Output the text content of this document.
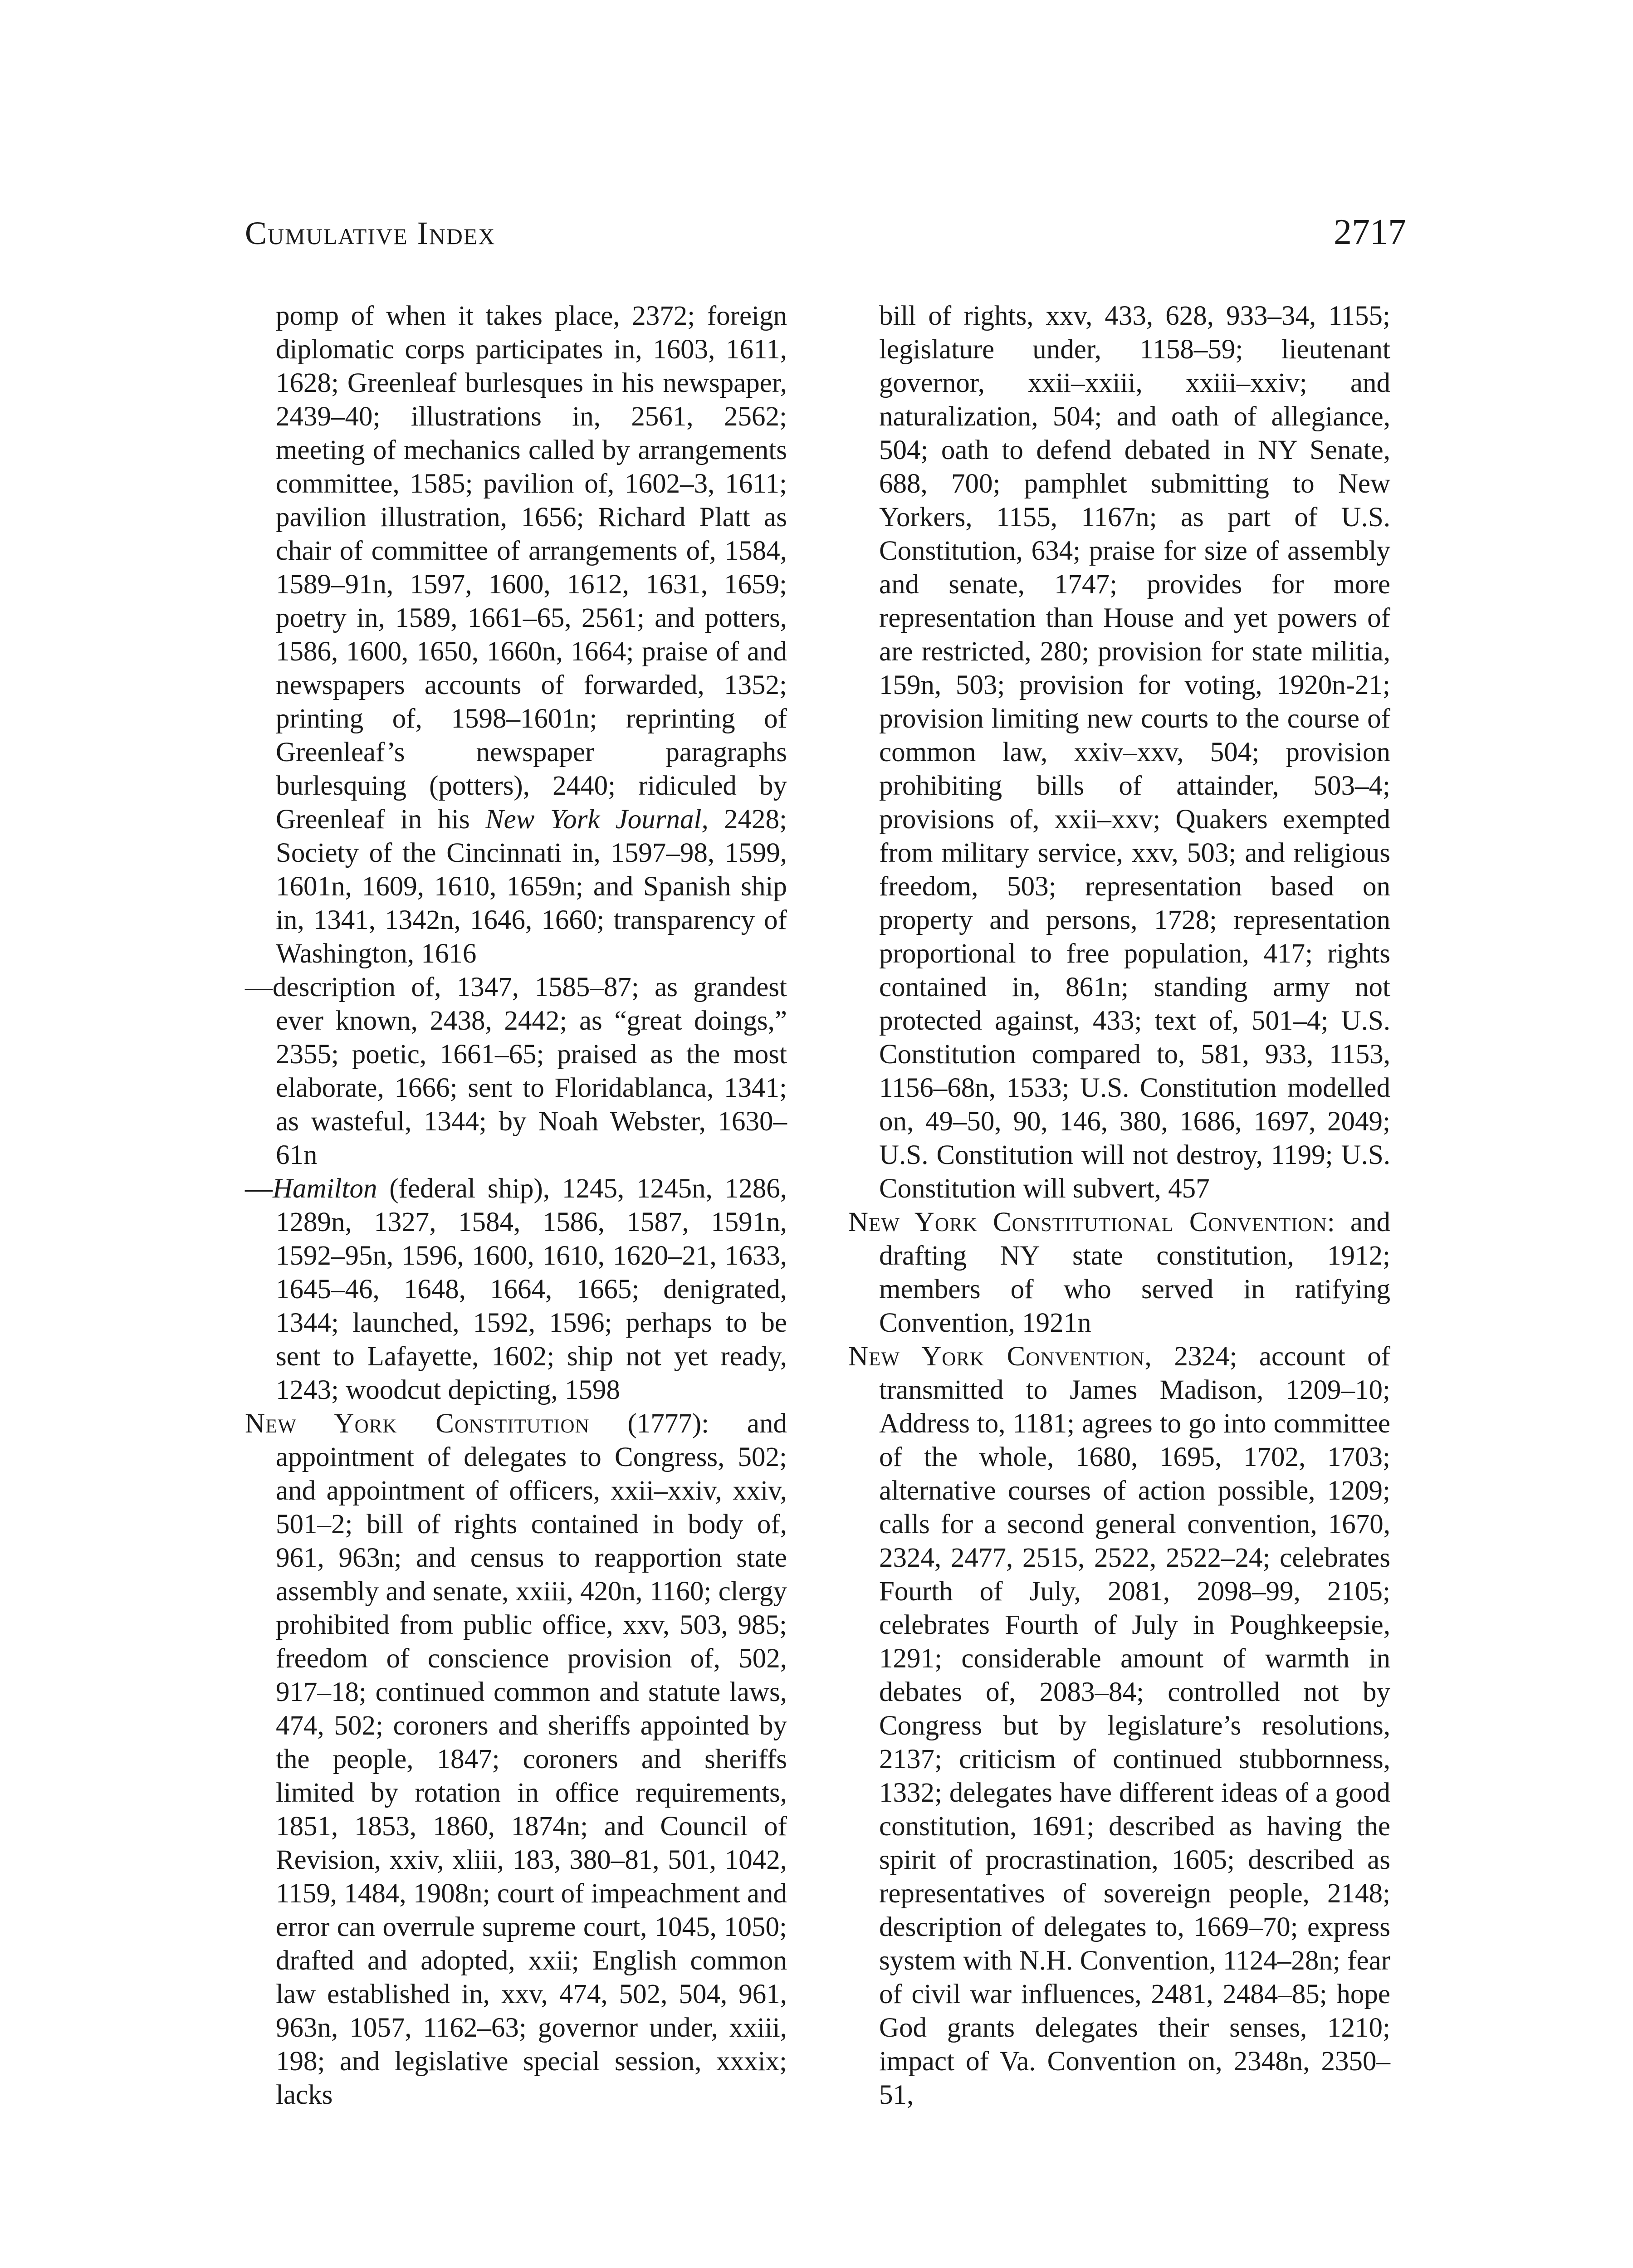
Cumulative Index	2717

pomp of when it takes place, 2372; foreign diplomatic corps participates in, 1603, 1611, 1628; Greenleaf burlesques in his newspaper, 2439–40; illustrations in, 2561, 2562; meeting of mechanics called by arrangements committee, 1585; pavilion of, 1602–3, 1611; pavilion illustration, 1656; Richard Platt as chair of committee of arrangements of, 1584, 1589–91n, 1597, 1600, 1612, 1631, 1659; poetry in, 1589, 1661–65, 2561; and potters, 1586, 1600, 1650, 1660n, 1664; praise of and newspapers accounts of forwarded, 1352; printing of, 1598–1601n; reprinting of Greenleaf’s newspaper paragraphs burlesquing (potters), 2440; ridiculed by Greenleaf in his New York Journal, 2428; Society of the Cincinnati in, 1597–98, 1599, 1601n, 1609, 1610, 1659n; and Spanish ship in, 1341, 1342n, 1646, 1660; transparency of Washington, 1616

—description of, 1347, 1585–87; as grandest ever known, 2438, 2442; as “great doings,” 2355; poetic, 1661–65; praised as the most elaborate, 1666; sent to Floridablanca, 1341; as wasteful, 1344; by Noah Webster, 1630–61n

—Hamilton (federal ship), 1245, 1245n, 1286, 1289n, 1327, 1584, 1586, 1587, 1591n, 1592–95n, 1596, 1600, 1610, 1620–21, 1633, 1645–46, 1648, 1664, 1665; denigrated, 1344; launched, 1592, 1596; perhaps to be sent to Lafayette, 1602; ship not yet ready, 1243; woodcut depicting, 1598

New York Constitution (1777): and appointment of delegates to Congress, 502; and appointment of officers, xxii–xxiv, xxiv, 501–2; bill of rights contained in body of, 961, 963n; and census to reapportion state assembly and senate, xxiii, 420n, 1160; clergy prohibited from public office, xxv, 503, 985; freedom of conscience provision of, 502, 917–18; continued common and statute laws, 474, 502; coroners and sheriffs appointed by the people, 1847; coroners and sheriffs limited by rotation in office requirements, 1851, 1853, 1860, 1874n; and Council of Revision, xxiv, xliii, 183, 380–81, 501, 1042, 1159, 1484, 1908n; court of impeachment and error can overrule supreme court, 1045, 1050; drafted and adopted, xxii; English common law established in, xxv, 474, 502, 504, 961, 963n, 1057, 1162–63; governor under, xxiii, 198; and legislative special session, xxxix; lacks

bill of rights, xxv, 433, 628, 933–34, 1155; legislature under, 1158–59; lieutenant governor, xxii–xxiii, xxiii–xxiv; and naturalization, 504; and oath of allegiance, 504; oath to defend debated in NY Senate, 688, 700; pamphlet submitting to New Yorkers, 1155, 1167n; as part of U.S. Constitution, 634; praise for size of assembly and senate, 1747; provides for more representation than House and yet powers of are restricted, 280; provision for state militia, 159n, 503; provision for voting, 1920n-21; provision limiting new courts to the course of common law, xxiv–xxv, 504; provision prohibiting bills of attainder, 503–4; provisions of, xxii–xxv; Quakers exempted from military service, xxv, 503; and religious freedom, 503; representation based on property and persons, 1728; representation proportional to free population, 417; rights contained in, 861n; standing army not protected against, 433; text of, 501–4; U.S. Constitution compared to, 581, 933, 1153, 1156–68n, 1533; U.S. Constitution modelled on, 49–50, 90, 146, 380, 1686, 1697, 2049; U.S. Constitution will not destroy, 1199; U.S. Constitution will subvert, 457

New York Constitutional Convention: and drafting NY state constitution, 1912; members of who served in ratifying Convention, 1921n

New York Convention, 2324; account of transmitted to James Madison, 1209–10; Address to, 1181; agrees to go into committee of the whole, 1680, 1695, 1702, 1703; alternative courses of action possible, 1209; calls for a second general convention, 1670, 2324, 2477, 2515, 2522, 2522–24; celebrates Fourth of July, 2081, 2098–99, 2105; celebrates Fourth of July in Poughkeepsie, 1291; considerable amount of warmth in debates of, 2083–84; controlled not by Congress but by legislature’s resolutions, 2137; criticism of continued stubbornness, 1332; delegates have different ideas of a good constitution, 1691; described as having the spirit of procrastination, 1605; described as representatives of sovereign people, 2148; description of delegates to, 1669–70; express system with N.H. Convention, 1124–28n; fear of civil war influences, 2481, 2484–85; hope God grants delegates their senses, 1210; impact of Va. Convention on, 2348n, 2350–51,
